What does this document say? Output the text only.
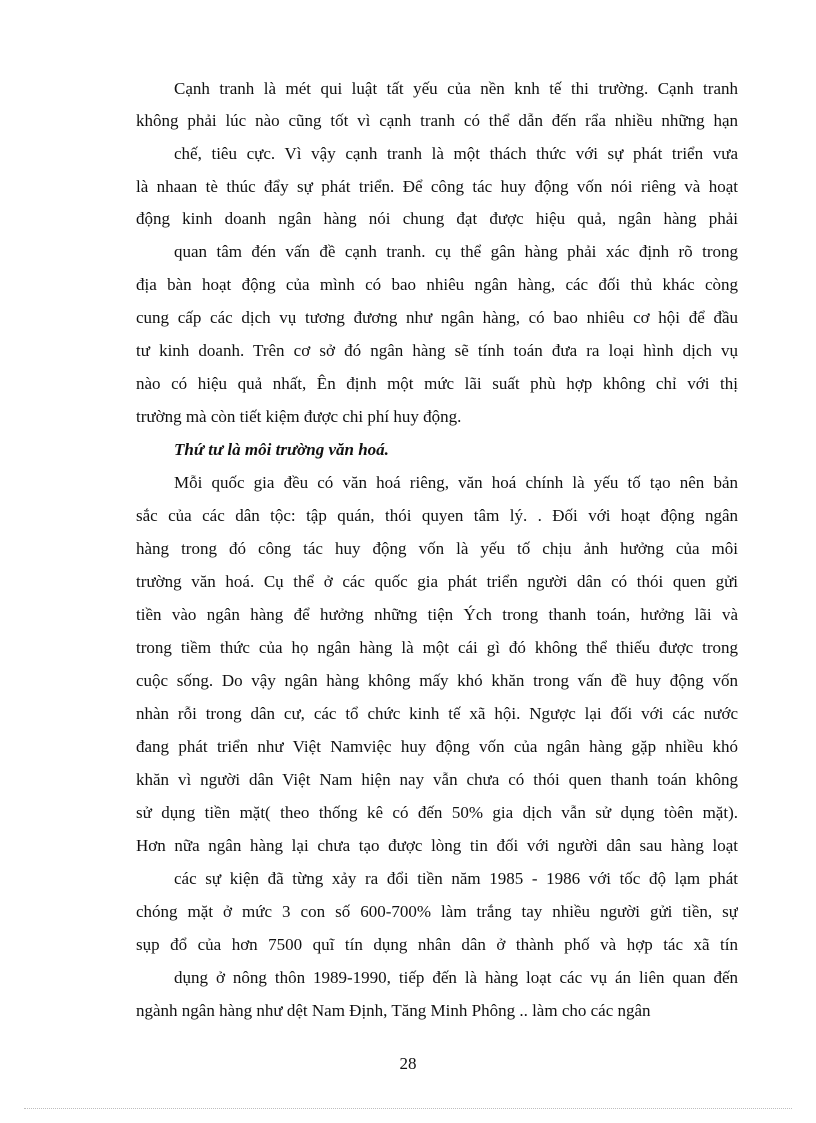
Cạnh tranh là mét qui luật tất yếu của nền knh tế thi trường. Cạnh tranh
không phải lúc nào cũng tốt vì cạnh tranh có thể dẫn đến rẩa nhiều những hạn
chế, tiêu cực. Vì vậy cạnh tranh là một thách thức với sự phát triển vưa
là nhaan tè thúc đẩy sự phát triển. Để công tác huy động vốn nói riêng và hoạt
động kinh doanh ngân hàng nói chung đạt được hiệu quả, ngân hàng phải
quan tâm đén vấn đề cạnh tranh. cụ thể gân hàng phải xác định rõ trong
địa bàn hoạt động của mình có bao nhiêu ngân hàng, các đối thủ khác còng
cung cấp các dịch vụ tương đương như ngân hàng, có bao nhiêu cơ hội để đầu
tư kinh doanh. Trên cơ sở đó ngân hàng sẽ tính toán đưa ra loại hình dịch vụ
nào có hiệu quả nhất, Ên định một mức lãi suất phù hợp không chỉ với thị
trường mà còn tiết kiệm được chi phí huy động.
Thứ tư là môi trường văn hoá.
Mỗi quốc gia đều có văn hoá riêng, văn hoá chính là yếu tố tạo nên bản
sắc của các dân tộc: tập quán, thói quyen tâm lý. . Đối với hoạt động ngân
hàng trong đó công tác huy động vốn là yếu tố chịu ảnh hưởng của môi
trường văn hoá. Cụ thể ở các quốc gia phát triển người dân có thói quen gửi
tiền vào ngân hàng để hưởng những tiện Ých trong thanh toán, hưởng lãi và
trong tiềm thức của họ ngân hàng là một cái gì đó không thể thiếu được trong
cuộc sống. Do vậy ngân hàng không mấy khó khăn trong vấn đề huy động vốn
nhàn rỗi trong dân cư, các tổ chức kinh tế xã hội. Ngược lại đối với các nước
đang phát triển như Việt Namviệc huy động vốn của ngân hàng gặp nhiều khó
khăn vì người dân Việt Nam hiện nay vẫn chưa có thói quen thanh toán không
sử dụng tiền mặt( theo thống kê có đến 50% gia dịch vẫn sử dụng tòên mặt).
Hơn nữa ngân hàng lại chưa tạo được lòng tin đối với người dân sau hàng loạt
các sự kiện đã từng xảy ra đổi tiền năm 1985 - 1986 với tốc độ lạm phát
chóng mặt ở mức 3 con số 600-700% làm trắng tay nhiều người gửi tiền, sự
sụp đổ của hơn 7500 quĩ tín dụng nhân dân ở thành phố và hợp tác xã tín
dụng ở nông thôn 1989-1990, tiếp đến là hàng loạt các vụ án liên quan đến
ngành ngân hàng như dệt Nam Định, Tăng Minh Phông .. làm cho các ngân
28
